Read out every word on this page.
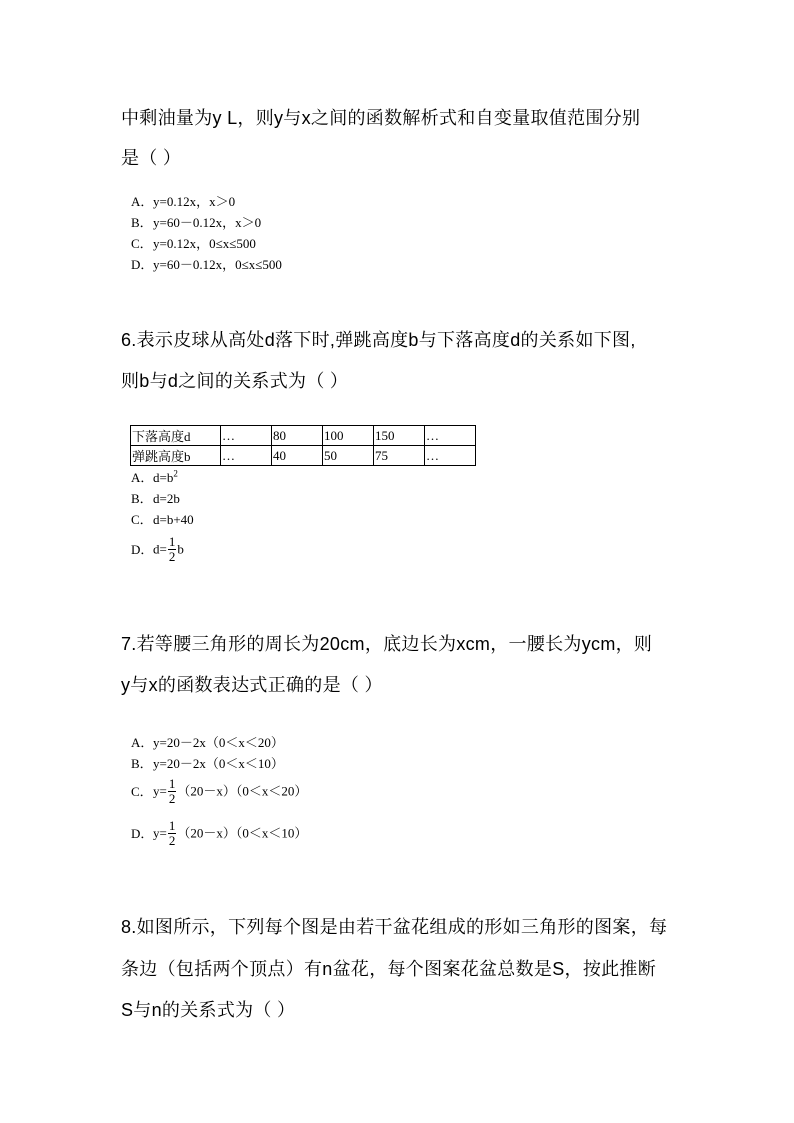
中剩油量为y L，则y与x之间的函数解析式和自变量取值范围分别
是（ ）
A．y=0.12x，x＞0
B．y=60－0.12x，x＞0
C．y=0.12x，0≤x≤500
D．y=60－0.12x，0≤x≤500
6.表示皮球从高处d落下时,弹跳高度b与下落高度d的关系如下图,
则b与d之间的关系式为（ ）
下落高度d	…	80	100	150	…
弹跳高度b	…	40	50	75	…
A．$d=b^2$
B．d=2b
C．d=b+40
D．$d= \frac{1}{2}$ b
7.若等腰三角形的周长为20cm，底边长为xcm，一腰长为ycm，则
y与x的函数表达式正确的是（ ）
A．y=20－2x（0＜x＜20）
B．y=20－2x（0＜x＜10）
C．$y= \frac{1}{2} (20-x)(0<x<20)$
D．$y= \frac{1}{2} (20-x)(0<x<10)$
8.如图所示，下列每个图是由若干盆花组成的形如三角形的图案，每
条边（包括两个顶点）有n盆花，每个图案花盆总数是S，按此推断
S与n的关系式为（ ）
